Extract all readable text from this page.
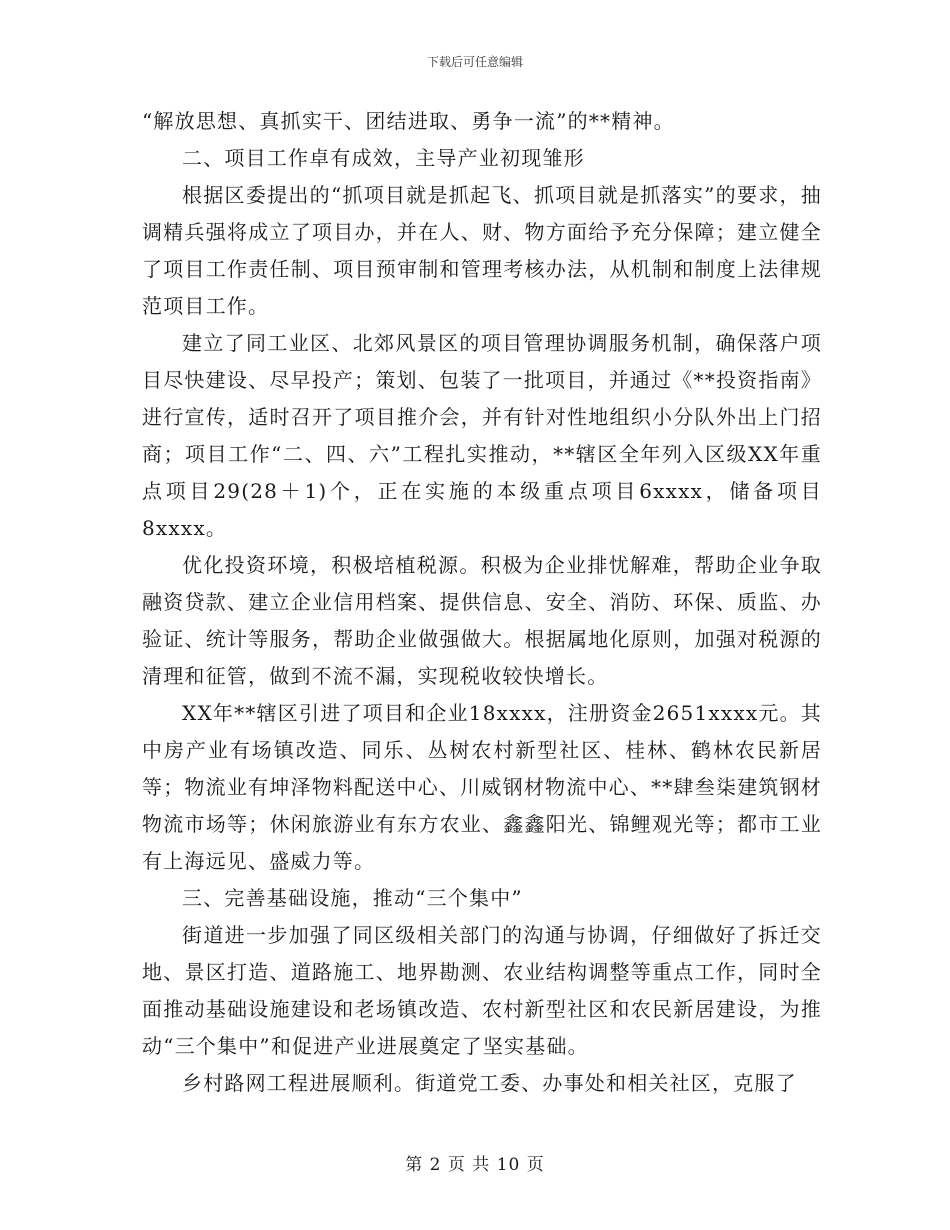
下载后可任意编辑

“解放思想、真抓实干、团结进取、勇争一流”的**精神。

二、项目工作卓有成效，主导产业初现雏形

根据区委提出的“抓项目就是抓起飞、抓项目就是抓落实”的要求，抽调精兵强将成立了项目办，并在人、财、物方面给予充分保障；建立健全了项目工作责任制、项目预审制和管理考核办法，从机制和制度上法律规范项目工作。

建立了同工业区、北郊风景区的项目管理协调服务机制，确保落户项目尽快建设、尽早投产；策划、包装了一批项目，并通过《**投资指南》进行宣传，适时召开了项目推介会，并有针对性地组织小分队外出上门招商；项目工作“二、四、六”工程扎实推动，**辖区全年列入区级XX年重点项目29(28＋1)个，正在实施的本级重点项目6xxxx，储备项目8xxxx。

优化投资环境，积极培植税源。积极为企业排忧解难，帮助企业争取融资贷款、建立企业信用档案、提供信息、安全、消防、环保、质监、办验证、统计等服务，帮助企业做强做大。根据属地化原则，加强对税源的清理和征管，做到不流不漏，实现税收较快增长。

XX年**辖区引进了项目和企业18xxxx，注册资金2651xxxx元。其中房产业有场镇改造、同乐、丛树农村新型社区、桂林、鹤林农民新居等；物流业有坤泽物料配送中心、川威钢材物流中心、**肆叁柒建筑钢材物流市场等；休闲旅游业有东方农业、鑫鑫阳光、锦鲤观光等；都市工业有上海远见、盛威力等。

三、完善基础设施，推动“三个集中”

街道进一步加强了同区级相关部门的沟通与协调，仔细做好了拆迁交地、景区打造、道路施工、地界勘测、农业结构调整等重点工作，同时全面推动基础设施建设和老场镇改造、农村新型社区和农民新居建设，为推动“三个集中”和促进产业进展奠定了坚实基础。

乡村路网工程进展顺利。街道党工委、办事处和相关社区，克服了

第 2 页 共 10 页
